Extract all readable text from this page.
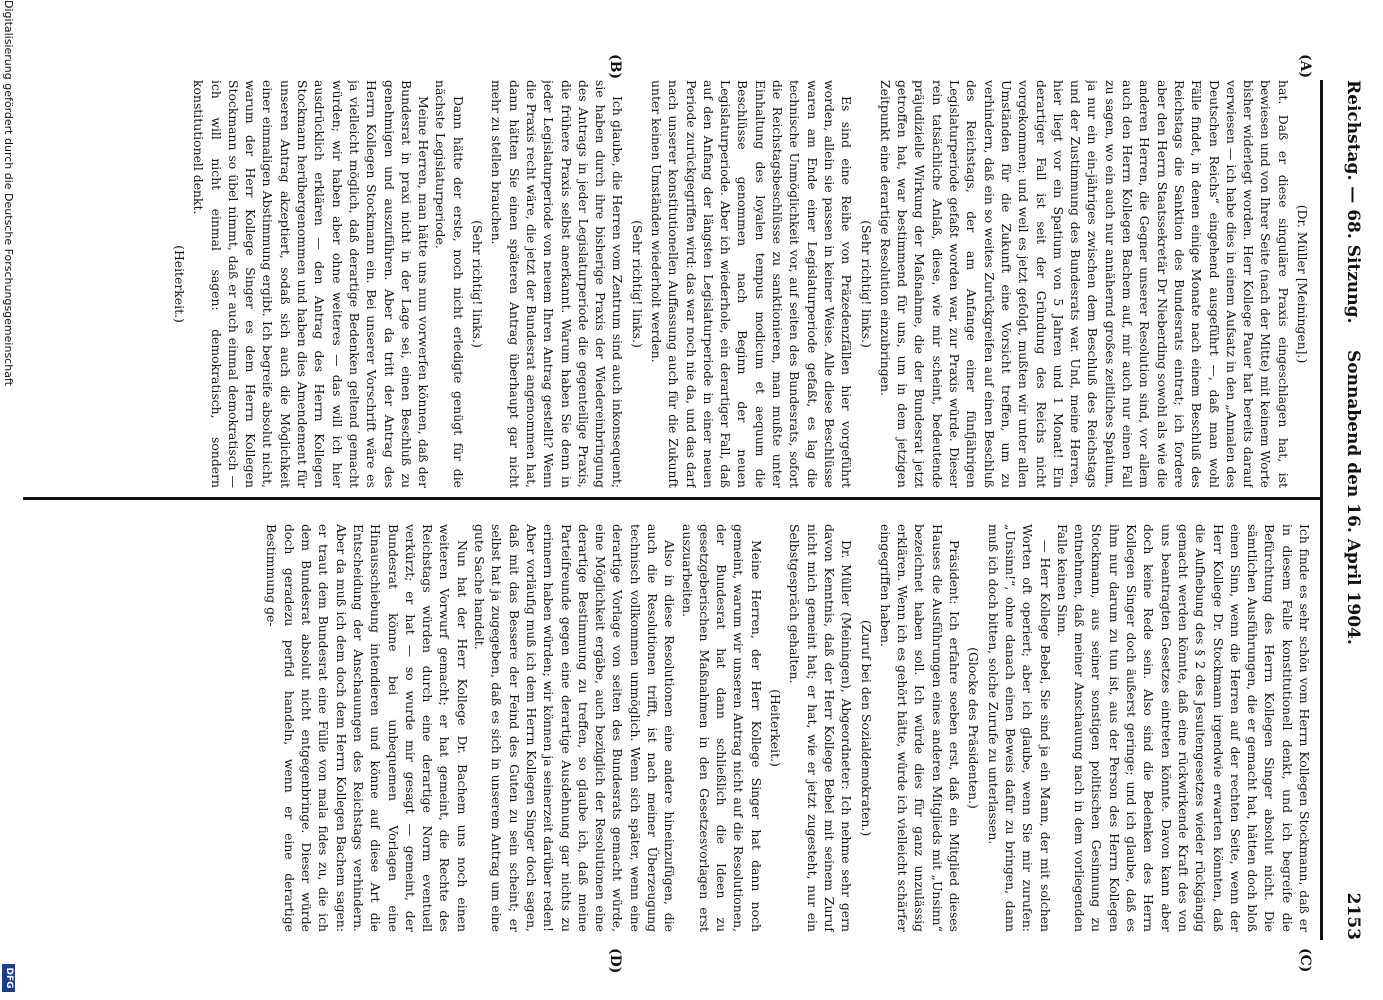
Reichstag. — 68. Sitzung.
Sonnabend den 16. April 1904.
2153
(A)
(B)
(C)
(D)

(Dr. Müller [Meiningen].)

hat. Daß er diese singuläre Praxis eingeschlagen hat, ist bewiesen und von Ihrer Seite (nach der Mitte) mit keinem Worte bisher widerlegt worden. Herr Kollege Pauer hat bereits darauf verwiesen — ich habe dies in einem Aufsatz in den „Annalen des Deutschen Reichs“ eingehend ausgeführt —, daß man wohl Fälle findet, in denen einige Monate nach einem Beschluß des Reichstags die Sanktion des Bundesrats eintrat; ich fordere aber den Herrn Staatssekretär Dr Nieberding sowohl als wie die anderen Herren, die Gegner unserer Resolution sind, vor allem auch den Herrn Kollegen Bachem auf, mir auch nur einen Fall zu sagen, wo ein auch nur annähernd großes zeitliches Spatium, ja nur ein ein-jähriges zwischen dem Beschluß des Reichstags und der Zustimmung des Bundesrats war. Und, meine Herren, hier liegt vor ein Spatium von 5 Jahren und 1 Monat! Ein derartiger Fall ist seit der Gründung des Reichs nicht vorgekommen; und weil es jetzt gefolgt, mußten wir unter allen Umständen für die Zukunft eine Vorsicht treffen, um zu verhindern, daß ein so weites Zurückgreifen auf einen Beschluß des Reichstags, der am Anfange einer fünfjährigen Legislaturperiode gefaßt worden war, zur Praxis würde. Dieser rein tatsächliche Anlaß, diese, wie mir scheint, bedeutende präjudizielle Wirkung der Maßnahme, die der Bundesrat jetzt getroffen hat, war bestimmend für uns, um in dem jetzigen Zeitpunkt eine derartige Resolution einzubringen.

(Sehr richtig! links.)

Es sind eine Reihe von Präzedenzfällen hier vorgeführt worden, allein sie passen in keiner Weise. Alle diese Beschlüsse waren am Ende einer Legislaturperiode gefaßt, es lag die technische Unmöglichkeit vor, auf seiten des Bundesrats, sofort die Reichstagsbeschlüsse zu sanktionieren, man mußte unter Einhaltung des loyalen tempus modicum et aequum die Beschlüsse genommen nach Beginn der neuen Legislaturperiode. Aber ich wiederhole, ein derartiger Fall, daß auf den Anfang der längsten Legislaturperiode in einer neuen Periode zurückgegriffen wird: das war noch nie da, und das darf nach unserer konstitutionellen Auffassung auch für die Zukunft unter keinen Umständen wiederholt werden.

(Sehr richtig! links.)

Ich glaube, die Herren vom Zentrum sind auch inkonsequent; sie haben durch ihre bisherige Praxis der Wiedereinbringung des Antrags in jeder Legislaturperiode die gegenteilige Praxis, die frühere Praxis selbst anerkannt. Warum haben Sie denn in jeder Legislaturperiode von neuem Ihren Antrag gestellt? Wenn die Praxis recht wäre, die jetzt der Bundesrat angenommen hat, dann hätten Sie einen späteren Antrag überhaupt gar nicht mehr zu stellen brauchen.

(Sehr richtig! links.)

Dann hätte der erste, noch nicht erledigte genügt für die nächste Legislaturperiode.

Meine Herren, man hätte uns nun vorwerfen können, daß der Bundesrat in praxi nicht in der Lage sei, einen Beschluß zu genehmigen und auszuführen. Aber da tritt der Antrag des Herrn Kollegen Stockmann ein. Bei unserer Vorschrift wäre es ja vielleicht möglich, daß derartige Bedenken geltend gemacht würden; wir haben aber ohne weiteres — das will ich hier ausdrücklich erklären — den Antrag des Herrn Kollegen Stockmann herübergenommen und haben dies Amendement für unseren Antrag akzeptiert, sodaß sich auch die Möglichkeit einer einmaligen Abstimmung ergibt. Ich begreife absolut nicht, warum der Herr Kollege Singer es dem Herrn Kollegen Stockmann so übel nimmt, daß er auch einmal demokratisch — ich will nicht einmal sagen: demokratisch, sondern konstitutionell denkt.

(Heiterkeit.)

Ich finde es sehr schön vom Herrn Kollegen Stockmann, daß er in diesem Falle konstitutionell denkt, und ich begreife die Befürchtung des Herrn Kollegen Singer absolut nicht. Die sämtlichen Ausführungen, die er gemacht hat, hätten doch bloß einen Sinn, wenn die Herren auf der rechten Seite, wenn der Herr Kollege Dr. Stockmann irgendwie erwarten könnten, daß die Aufhebung des § 2 des Jesuitengesetzes wieder rückgängig gemacht werden könnte, daß eine rückwirkende Kraft des von uns beantragten Gesetzes eintreten könnte. Davon kann aber doch keine Rede sein. Also sind die Bedenken des Herrn Kollegen Singer doch äußerst geringe; und ich glaube, daß es ihm nur darum zu tun ist, aus der Person des Herrn Kollegen Stockmann, aus seiner sonstigen politischen Gesinnung zu entnehmen, daß meiner Anschauung nach in dem vorliegenden Falle keinen Sinn.

— Herr Kollege Bebel, Sie sind ja ein Mann, der mit solchen Worten oft operiert; aber ich glaube, wenn Sie mir zurufen: „Unsinn!“, ohne danach einen Beweis dafür zu bringen, dann muß ich doch bitten, solche Zurufe zu unterlassen.

(Glocke des Präsidenten.)

Präsident: Ich erfahre soeben erst, daß ein Mitglied dieses Hauses die Ausführungen eines anderen Mitglieds mit „Unsinn“ bezeichnet haben soll. Ich würde dies für ganz unzulässig erklären. Wenn ich es gehört hätte, würde ich vielleicht schärfer eingegriffen haben.

(Zuruf bei den Sozialdemokraten.)

Dr. Müller (Meiningen), Abgeordneter: Ich nehme sehr gern davon Kenntnis, daß der Herr Kollege Bebel mit seinem Zuruf nicht mich gemeint hat; er hat, wie er jetzt zugesteht, nur ein Selbstgespräch gehalten.

(Heiterkeit.)

Meine Herren, der Herr Kollege Singer hat dann noch gemeint, warum wir unseren Antrag nicht auf die Resolutionen, der Bundesrat hat dann schließlich die Ideen zu gesetzgeberischen Maßnahmen in den Gesetzesvorlagen erst auszuarbeiten.

Also in diese Resolutionen eine andere hineinzufügen, die auch die Resolutionen trifft, ist nach meiner Überzeugung technisch vollkommen unmöglich. Wenn sich später, wenn eine derartige Vorlage von seiten des Bundesrats gemacht würde, eine Möglichkeit ergäbe, auch bezüglich der Resolutionen eine derartige Bestimmung zu treffen, so glaube ich, daß meine Parteifreunde gegen eine derartige Ausdehnung gar nichts zu erinnern haben würden; wir können ja seinerzeit darüber reden! Aber vorläufig muß ich dem Herrn Kollegen Singer doch sagen, daß mit das Bessere der Feind des Guten zu sein scheint; er selbst hat ja zugegeben, daß es sich in unserem Antrag um eine gute Sache handelt.

Nun hat der Herr Kollege Dr. Bachem uns noch einen weiteren Vorwurf gemacht; er hat gemeint, die Rechte des Reichstags würden durch eine derartige Norm eventuell verkürzt; er hat — so wurde mir gesagt — gemeint, der Bundesrat könne bei unbequemen Vorlagen eine Hinausschiebung intendieren und könne auf diese Art die Entscheidung der Anschauungen des Reichstags verhindern. Aber da muß ich dem doch dem Herrn Kollegen Bachem sagen: er traut dem Bundesrat eine Fülle von mala fides zu, die ich dem Bundesrat absolut nicht entgegenbringe. Dieser würde doch geradezu perfid handeln, wenn er eine derartige Bestimmung ge-

Digitalisierung gefördert durch die Deutsche Forschungsgemeinschaft
DFG
